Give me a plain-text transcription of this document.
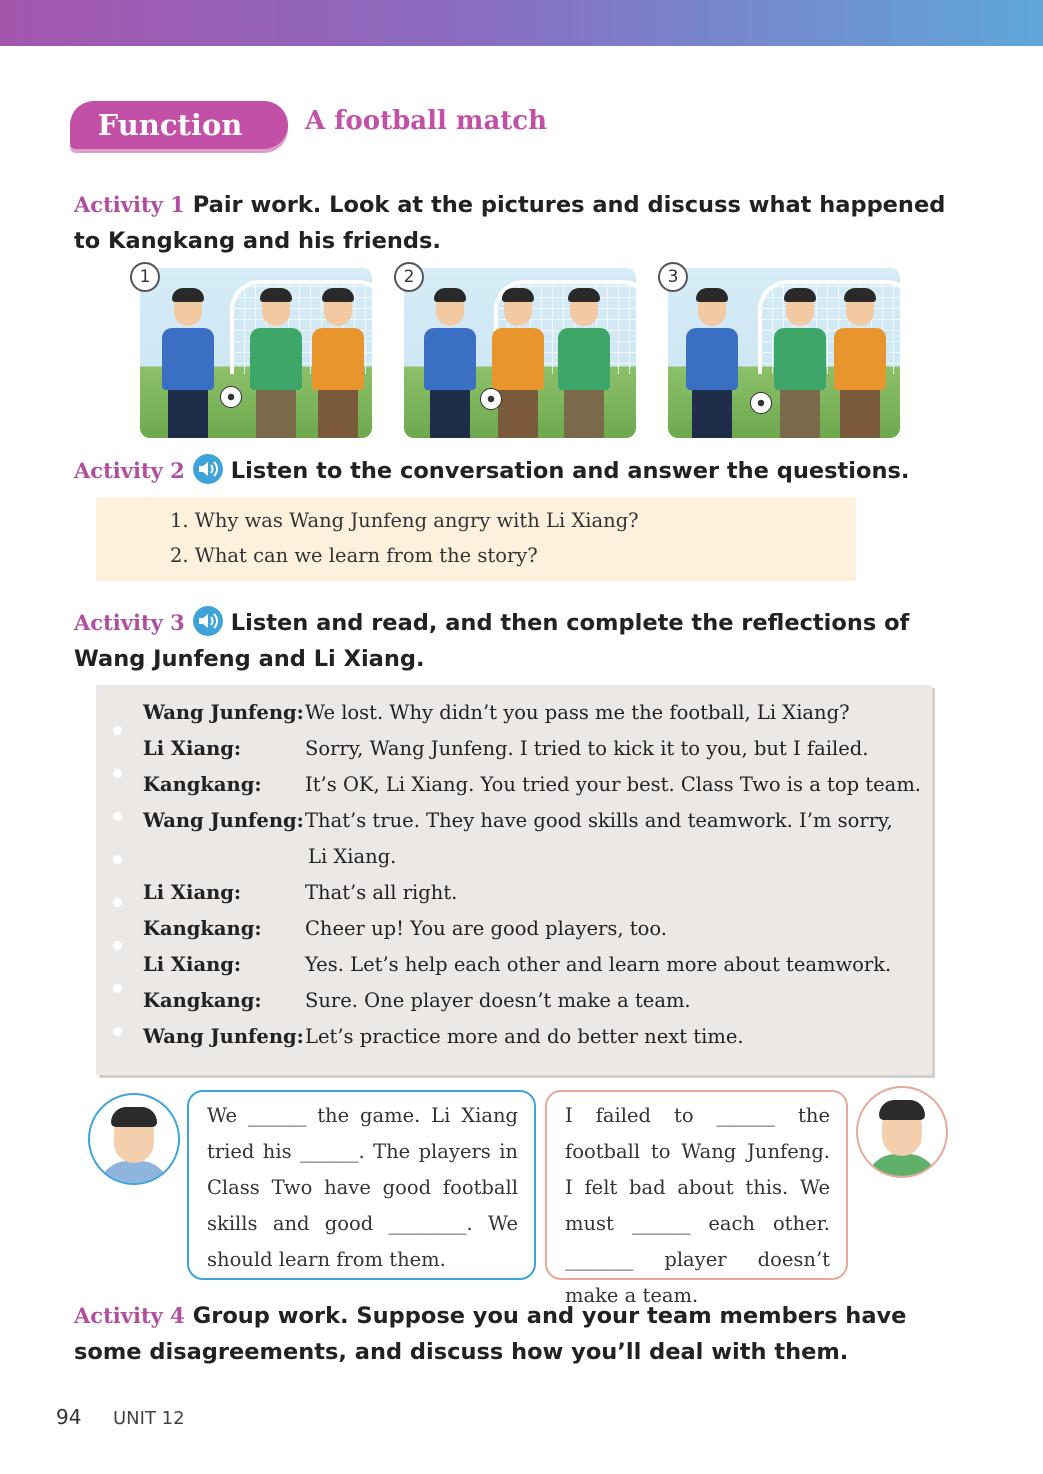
Function	A football match
Activity 1 Pair work. Look at the pictures and discuss what happened to Kangkang and his friends.
1	2	3
Activity 2 Listen to the conversation and answer the questions.
1. Why was Wang Junfeng angry with Li Xiang?
2. What can we learn from the story?
Activity 3 Listen and read, and then complete the reflections of Wang Junfeng and Li Xiang.
Wang Junfeng:We lost. Why didn’t you pass me the football, Li Xiang?
Li Xiang:	Sorry, Wang Junfeng. I tried to kick it to you, but I failed.
Kangkang: It’s OK, Li Xiang. You tried your best. Class Two is a top team.
Wang Junfeng:That’s true. They have good skills and teamwork. I’m sorry,
Li Xiang.
Li Xiang:	That’s all right.
Kangkang: Cheer up! You are good players, too.
Li Xiang:	Yes. Let’s help each other and learn more about teamwork.
Kangkang: Sure. One player doesn’t make a team.
Wang Junfeng:Let’s practice more and do better next time.
We ______ the game. Li Xiang tried his ______. The players in Class Two have good football skills and good ________. We should learn from them.
I failed to ______ the football to Wang Junfeng. I felt bad about this. We must ______ each other. _______ player doesn’t make a team.
Activity 4 Group work. Suppose you and your team members have some disagreements, and discuss how you’ll deal with them.
94 UNIT 12
